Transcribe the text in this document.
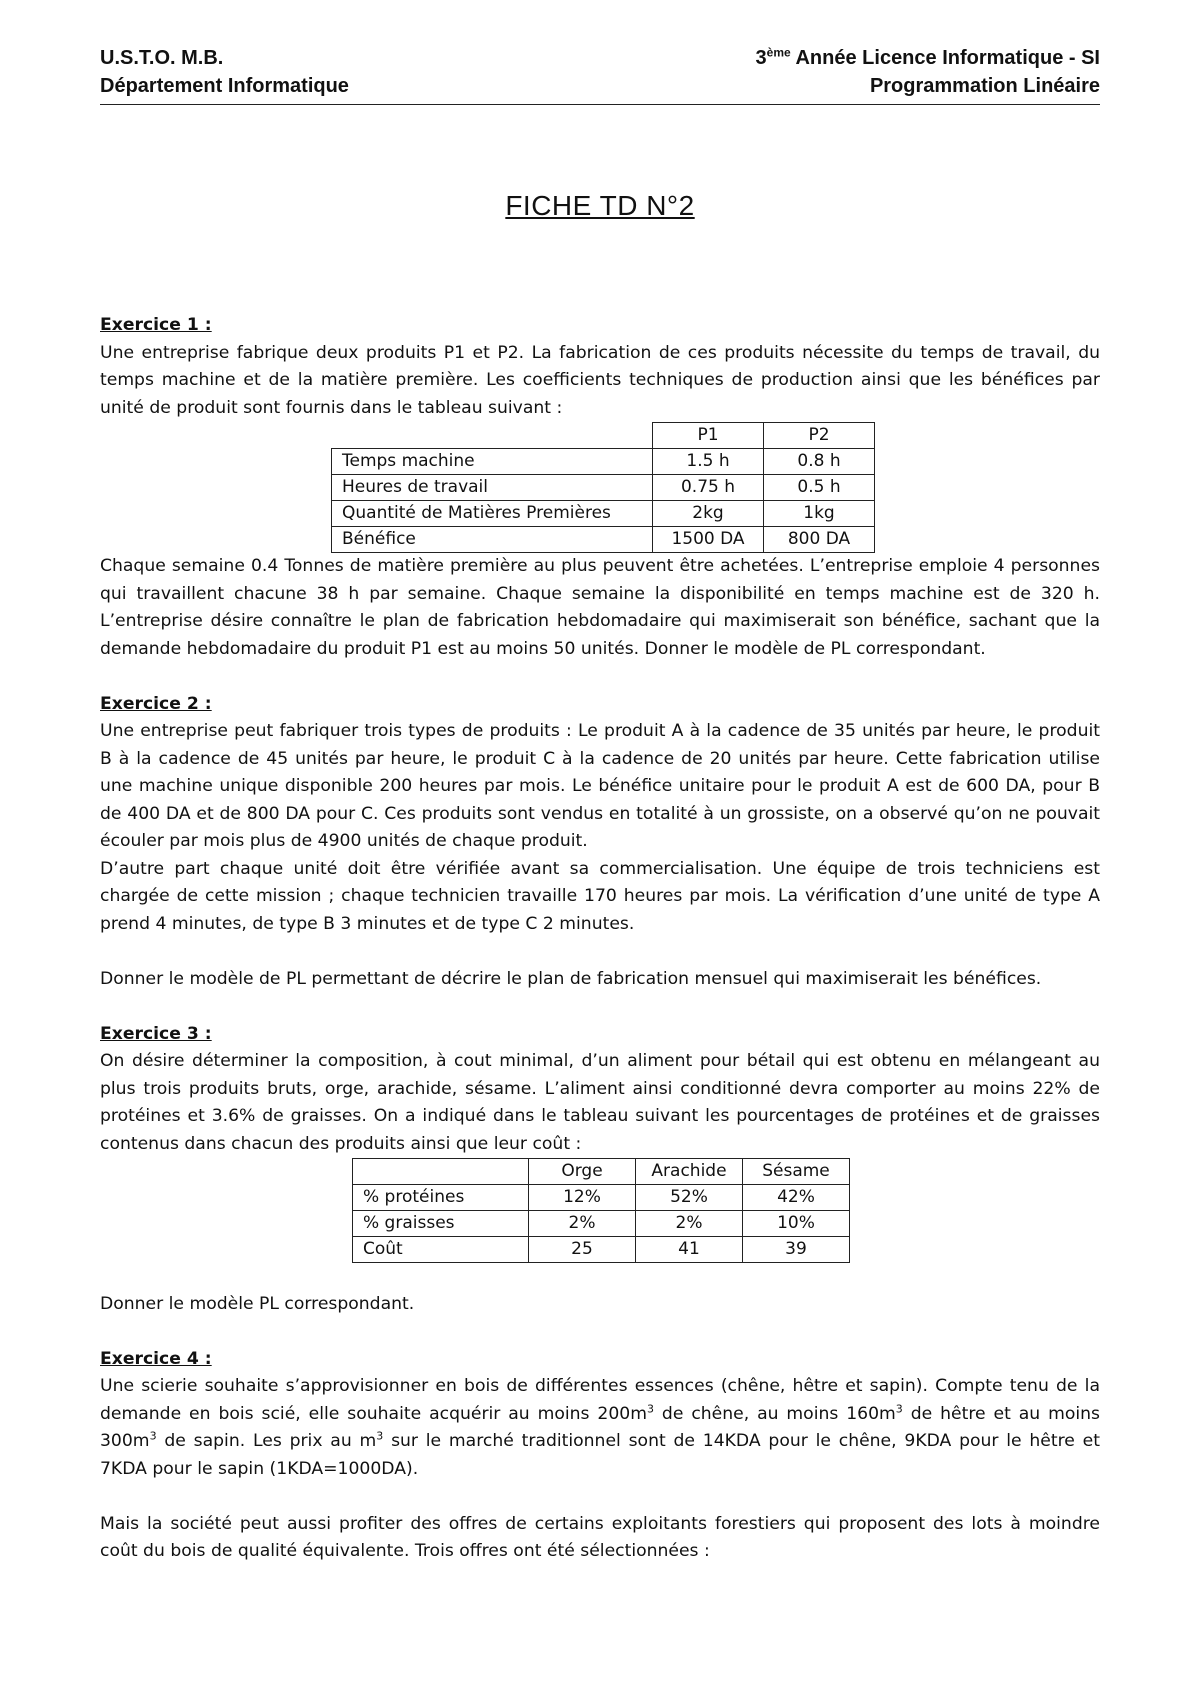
U.S.T.O. M.B.
Département Informatique
3ème Année Licence Informatique - SI
Programmation Linéaire
FICHE TD N°2
Exercice 1 :

Une entreprise fabrique deux produits P1 et P2. La fabrication de ces produits nécessite du temps de travail, du temps machine et de la matière première. Les coefficients techniques de production ainsi que les bénéfices par unité de produit sont fournis dans le tableau suivant :

	P1	P2
Temps machine	1.5 h	0.8 h
Heures de travail	0.75 h	0.5 h
Quantité de Matières Premières	2kg	1kg
Bénéfice	1500 DA	800 DA

Chaque semaine 0.4 Tonnes de matière première au plus peuvent être achetées. L’entreprise emploie 4 personnes qui travaillent chacune 38 h par semaine. Chaque semaine la disponibilité en temps machine est de 320 h. L’entreprise désire connaître le plan de fabrication hebdomadaire qui maximiserait son bénéfice, sachant que la demande hebdomadaire du produit P1 est au moins 50 unités. Donner le modèle de PL correspondant.

Exercice 2 :

Une entreprise peut fabriquer trois types de produits : Le produit A à la cadence de 35 unités par heure, le produit B à la cadence de 45 unités par heure, le produit C à la cadence de 20 unités par heure. Cette fabrication utilise une machine unique disponible 200 heures par mois. Le bénéfice unitaire pour le produit A est de 600 DA, pour B de 400 DA et de 800 DA pour C. Ces produits sont vendus en totalité à un grossiste, on a observé qu’on ne pouvait écouler par mois plus de 4900 unités de chaque produit.

D’autre part chaque unité doit être vérifiée avant sa commercialisation. Une équipe de trois techniciens est chargée de cette mission ; chaque technicien travaille 170 heures par mois. La vérification d’une unité de type A prend 4 minutes, de type B 3 minutes et de type C 2 minutes.

Donner le modèle de PL permettant de décrire le plan de fabrication mensuel qui maximiserait les bénéfices.

Exercice 3 :

On désire déterminer la composition, à cout minimal, d’un aliment pour bétail qui est obtenu en mélangeant au plus trois produits bruts, orge, arachide, sésame. L’aliment ainsi conditionné devra comporter au moins 22% de protéines et 3.6% de graisses. On a indiqué dans le tableau suivant les pourcentages de protéines et de graisses contenus dans chacun des produits ainsi que leur coût :

	Orge	Arachide	Sésame
% protéines	12%	52%	42%
% graisses	2%	2%	10%
Coût	25	41	39

Donner le modèle PL correspondant.

Exercice 4 :

Une scierie souhaite s’approvisionner en bois de différentes essences (chêne, hêtre et sapin). Compte tenu de la demande en bois scié, elle souhaite acquérir au moins $200m^3$ de chêne, au moins $160m^3$ de hêtre et au moins $300m^3$ de sapin. Les prix au $m^3$ sur le marché traditionnel sont de 14KDA pour le chêne, 9KDA pour le hêtre et 7KDA pour le sapin (1KDA=1000DA).

Mais la société peut aussi profiter des offres de certains exploitants forestiers qui proposent des lots à moindre coût du bois de qualité équivalente. Trois offres ont été sélectionnées :
